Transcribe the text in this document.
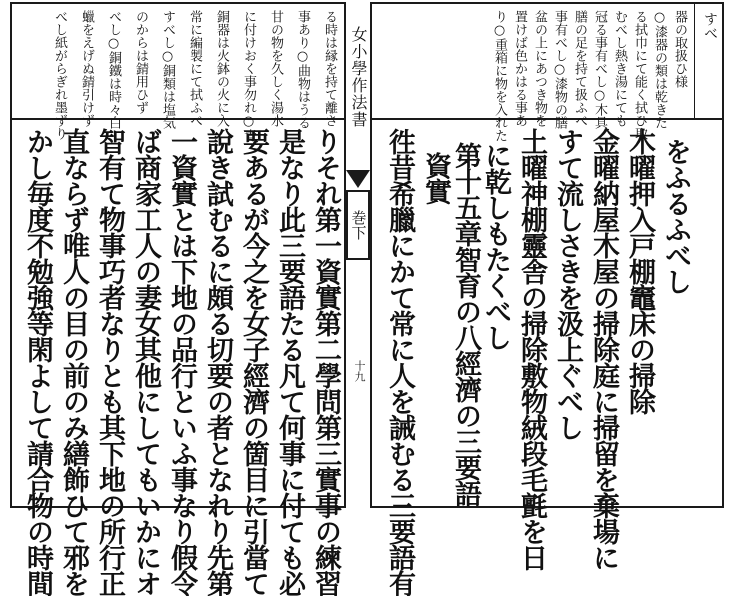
すべ
器の取扱ひ様
○漆器の類は乾きた
る拭巾にて能く拭ひ取
むべし熱き湯にても
冠る事有べし○木具
膳の足を持て扱ふべ
事有べし○漆物の膳
盆の上にあつき物を
置けば色かはる事あ
り○重箱に物を入れた
る時は縁を持て離さ
事あり○曲物はうる
甘の物を久しく湯水
に付けおく事勿れ○青
銅器は火鉢の火に入
常に編製にて拭ふべ
すべし○銅類は塩気
のからは錆用ひず
べし○銅鐵は時々白
蠟をえげぬ錆引けず
べし紙がらぎれ墨ずり	女小學作法書
巻下
十九
をふるふべし
木曜押入戸棚竈床の掃除
金曜納屋木屋の掃除庭に掃留を棄場に
すて流しさきを汲上ぐべし
土曜神棚靈舎の掃除敷物絨段毛氈を日
に乾しもたくべし
第十五章智育の八經濟の三要語
資實
徃昔希臘にかて常に人を誡むる三要語有
りそれ第一資實第二學問第三實事の練習
是なり此三要語たる凡て何事に付ても必
要あるが今之を女子經濟の箇目に引當て
說き試むるに頗る切要の者となれり先第
一資實とは下地の品行といふ事なり假令
ば商家工人の妻女其他にしてもいかにオ
智有て物事巧者なりとも其下地の所行正
直ならず唯人の目の前のみ繕飾ひて邪を
かし毎度不勉強等閑よして請合物の時間
